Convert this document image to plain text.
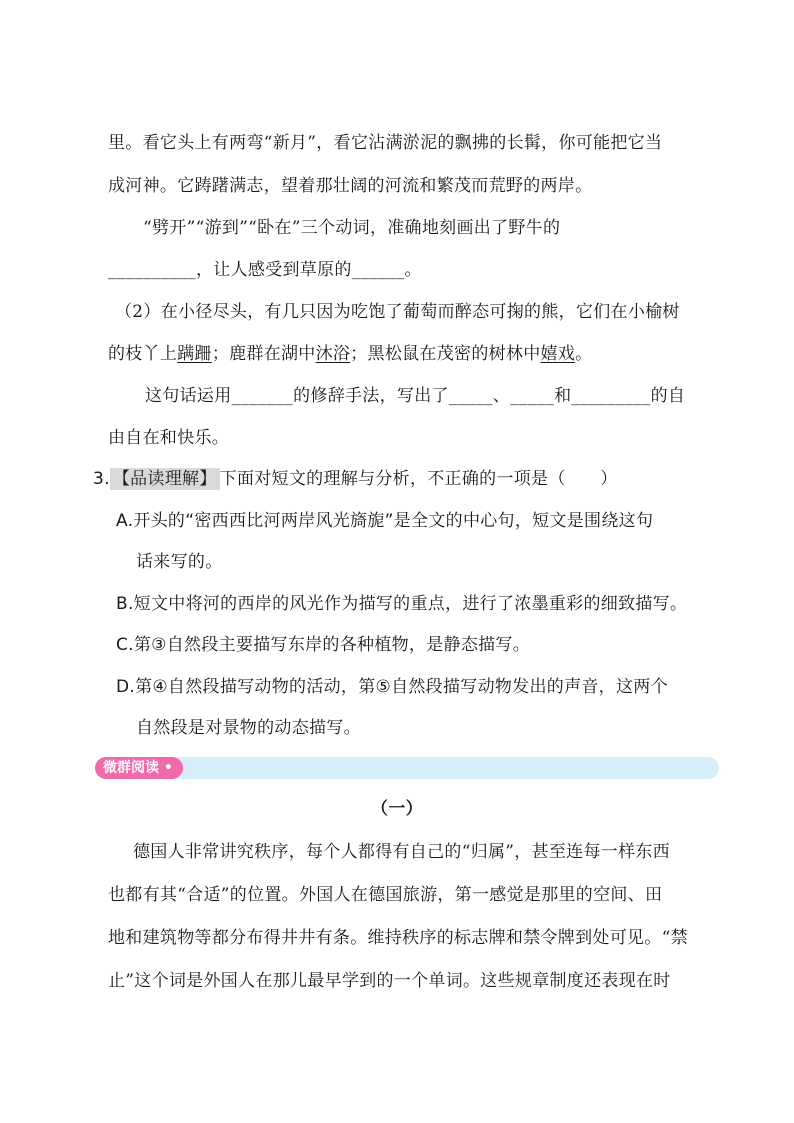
里。看它头上有两弯“新月”，看它沾满淤泥的飘拂的长髯，你可能把它当
成河神。它踌躇满志，望着那壮阔的河流和繁茂而荒野的两岸。
“劈开”“游到”“卧在”三个动词，准确地刻画出了野牛的
__________，让人感受到草原的______。
（2）在小径尽头，有几只因为吃饱了葡萄而醉态可掬的熊，它们在小榆树
的枝丫上蹒跚；鹿群在湖中沐浴；黑松鼠在茂密的树林中嬉戏。
这句话运用_______的修辞手法，写出了_____、_____和_________的自
由自在和快乐。
3. 【品读理解】 下面对短文的理解与分析，不正确的一项是（　　）
A.开头的“密西西比河两岸风光旖旎”是全文的中心句，短文是围绕这句
话来写的。
B.短文中将河的西岸的风光作为描写的重点，进行了浓墨重彩的细致描写。
C.第③自然段主要描写东岸的各种植物，是静态描写。
D.第④自然段描写动物的活动，第⑤自然段描写动物发出的声音，这两个
自然段是对景物的动态描写。
微群阅读 •
（一）
德国人非常讲究秩序，每个人都得有自己的“归属”，甚至连每一样东西
也都有其“合适”的位置。外国人在德国旅游，第一感觉是那里的空间、田
地和建筑物等都分布得井井有条。维持秩序的标志牌和禁令牌到处可见。“禁
止”这个词是外国人在那儿最早学到的一个单词。这些规章制度还表现在时
